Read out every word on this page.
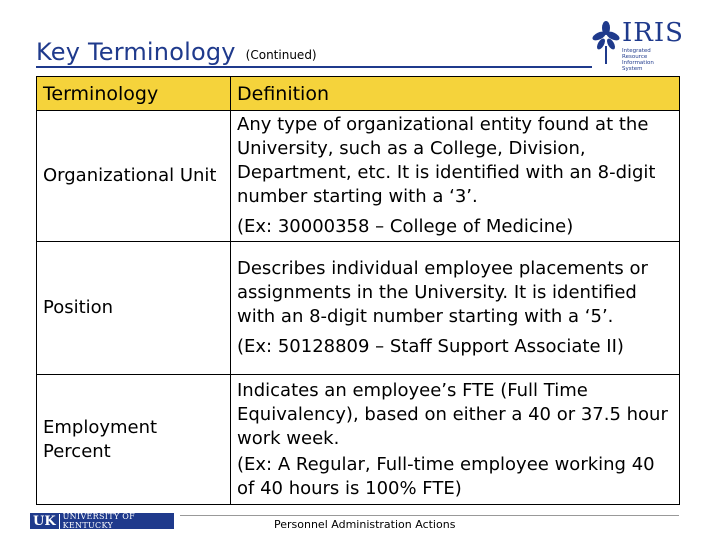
Key Terminology (Continued)
IRIS
Integrated Resource Information System
Terminology	Definition
Organizational Unit	Any type of organizational entity found at the University, such as a College, Division, Department, etc. It is identified with an 8-digit number starting with a ‘3’.
(Ex: 30000358 – College of Medicine)

Position	Describes individual employee placements or assignments in the University. It is identified with an 8-digit number starting with a ‘5’.
(Ex: 50128809 – Staff Support Associate II)

Employment Percent	Indicates an employee’s FTE (Full Time Equivalency), based on either a 40 or 37.5 hour work week.
(Ex: A Regular, Full-time employee working 40 of 40 hours is 100% FTE)
UK UNIVERSITY OF KENTUCKY	Personnel Administration Actions
